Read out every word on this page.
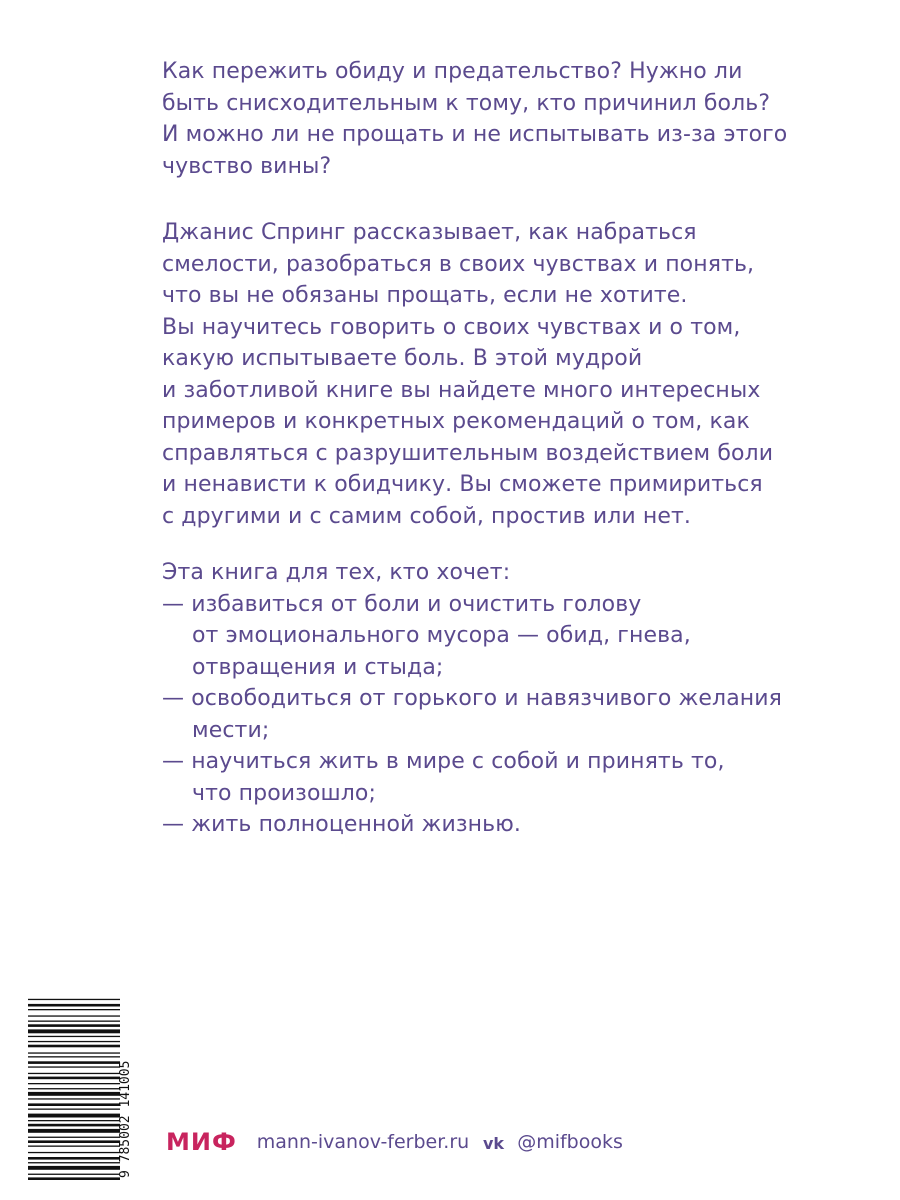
Как пережить обиду и предательство? Нужно ли
быть снисходительным к тому, кто причинил боль?
И можно ли не прощать и не испытывать из-за этого
чувство вины?
Джанис Спринг рассказывает, как набраться
смелости, разобраться в своих чувствах и понять,
что вы не обязаны прощать, если не хотите.
Вы научитесь говорить о своих чувствах и о том,
какую испытываете боль. В этой мудрой
и заботливой книге вы найдете много интересных
примеров и конкретных рекомендаций о том, как
справляться с разрушительным воздействием боли
и ненависти к обидчику. Вы сможете примириться
с другими и с самим собой, простив или нет.
Эта книга для тех, кто хочет:
— избавиться от боли и очистить голову
от эмоционального мусора — обид, гнева,
отвращения и стыда;
— освободиться от горького и навязчивого желания
мести;
— научиться жить в мире с собой и принять то,
что произошло;
— жить полноценной жизнью.
9 785002 141005 МИФ mann-ivanov-ferber.ru vk @mifbooks
